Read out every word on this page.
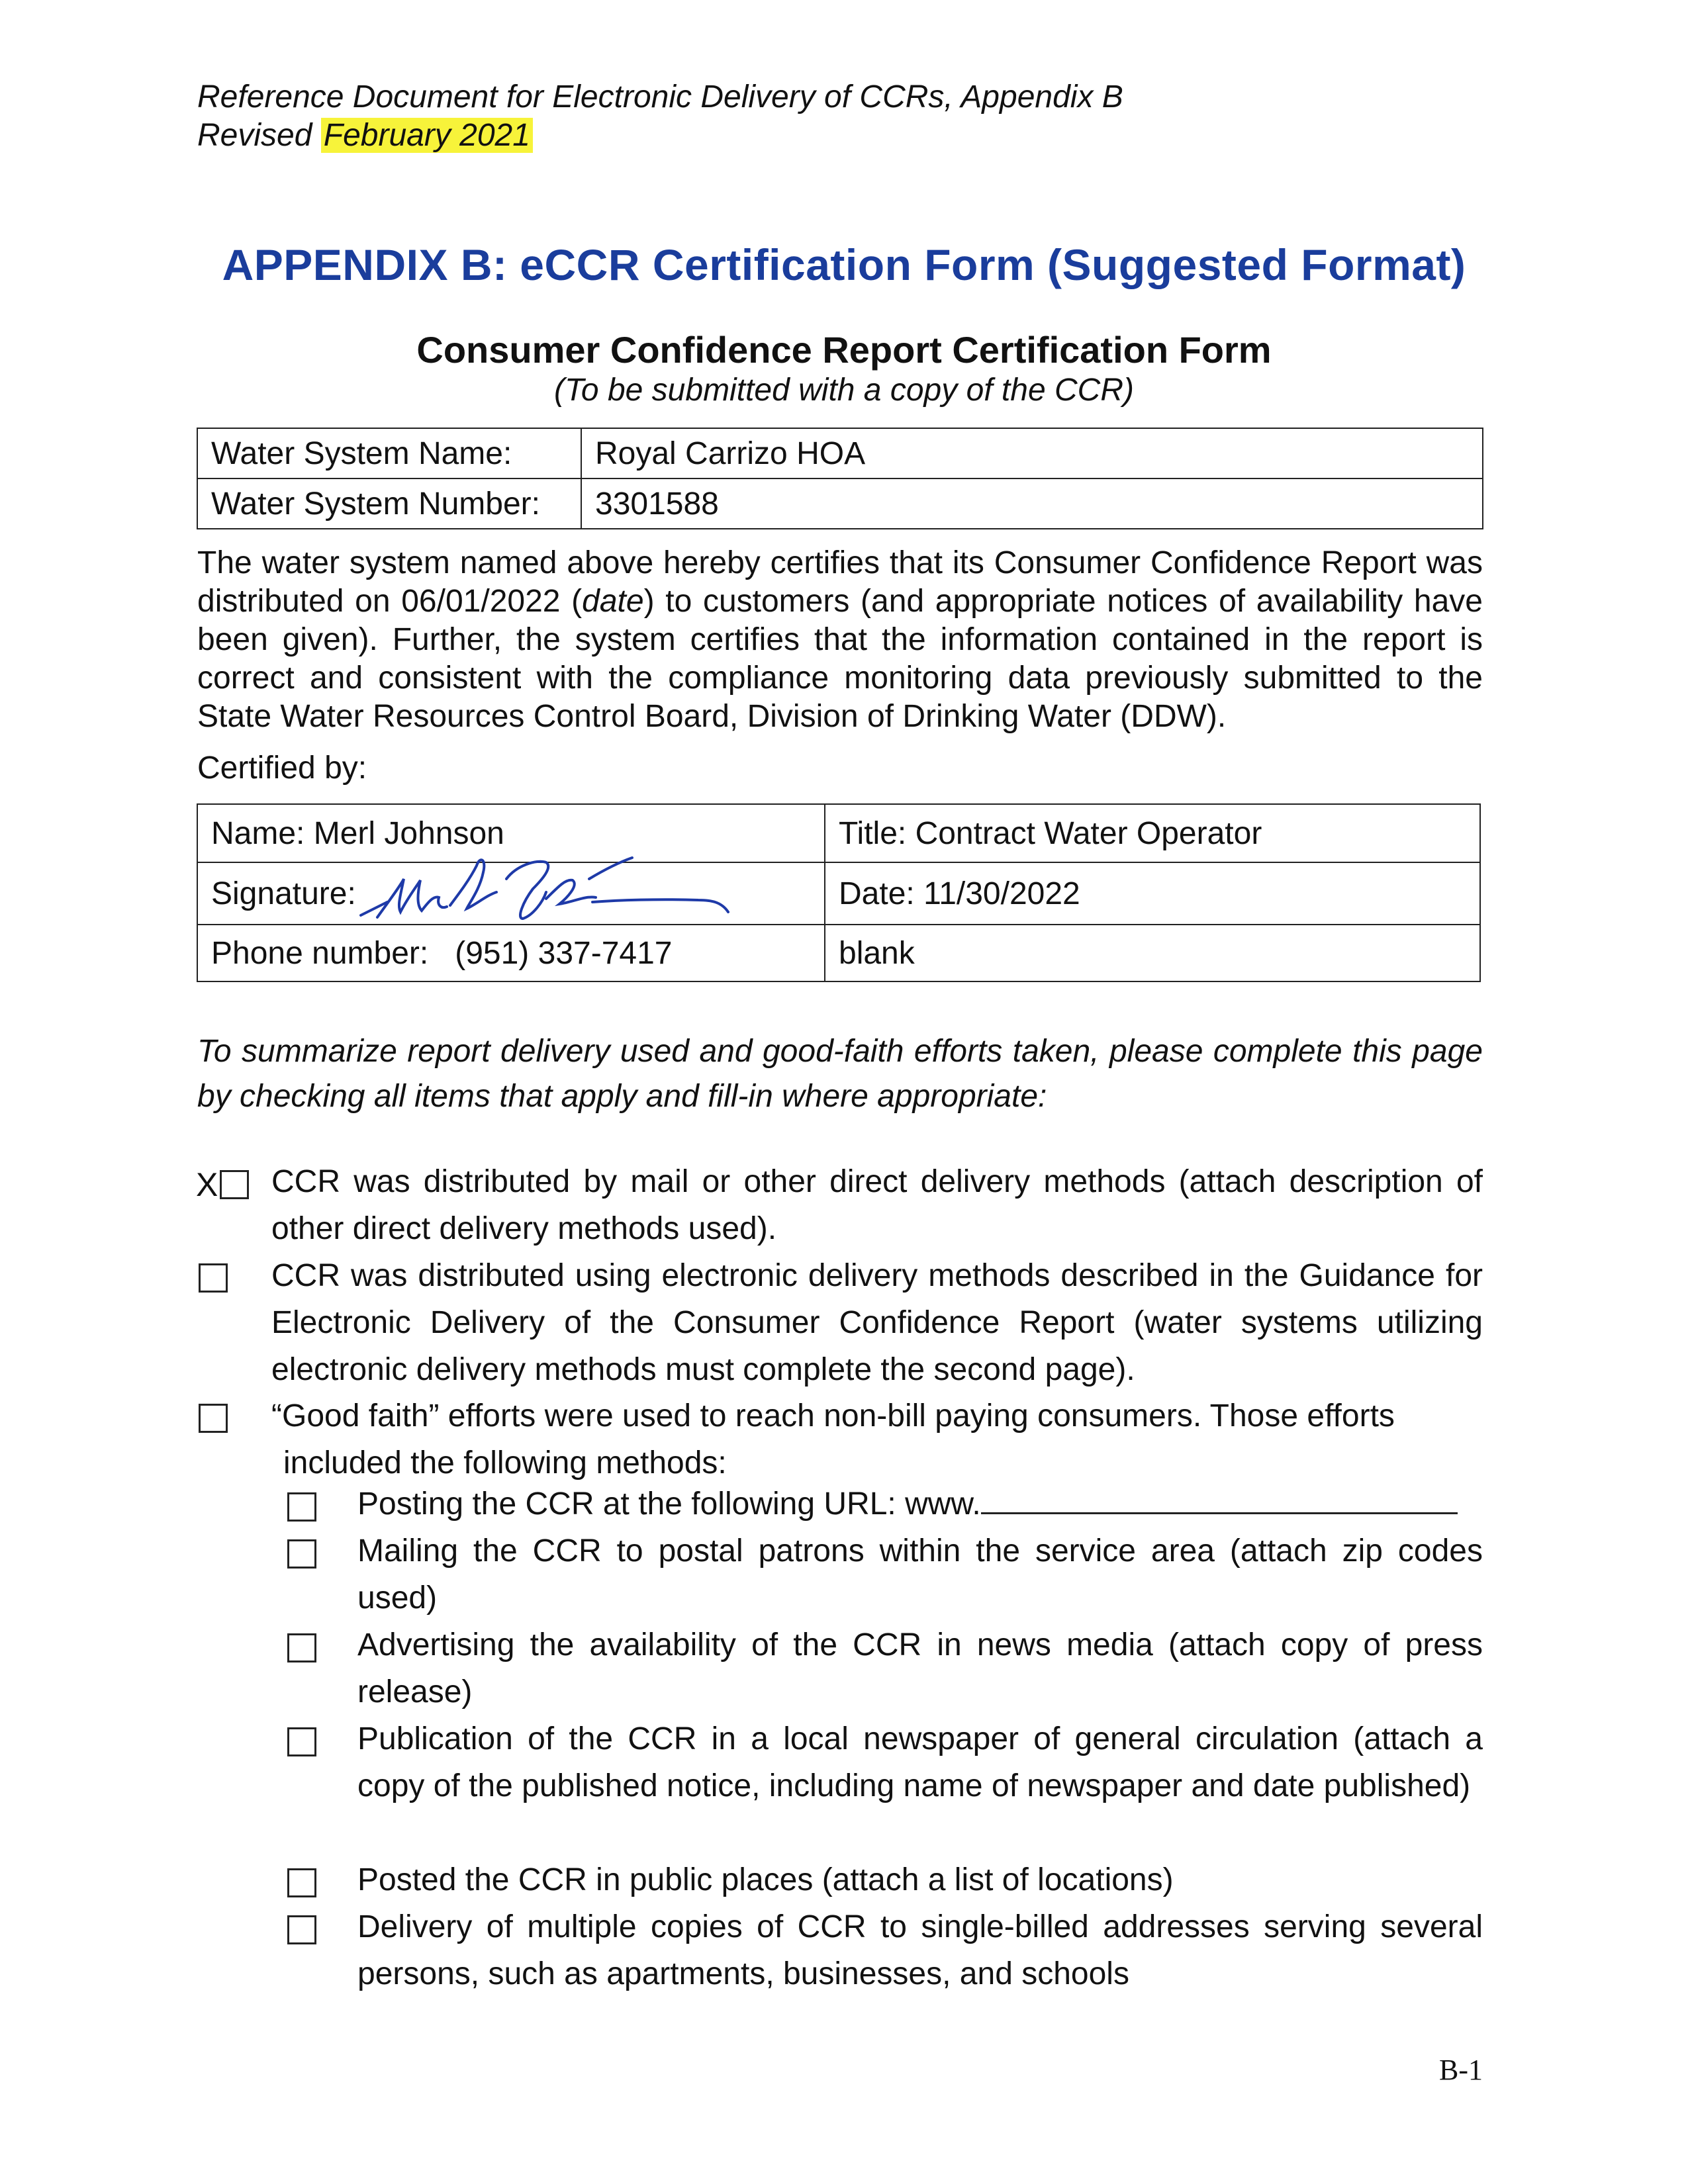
Reference Document for Electronic Delivery of CCRs, Appendix B
Revised February 2021
APPENDIX B: eCCR Certification Form (Suggested Format)
Consumer Confidence Report Certification Form
(To be submitted with a copy of the CCR)
Water System Name:	Royal Carrizo HOA
Water System Number:	3301588

The water system named above hereby certifies that its Consumer Confidence Report was distributed on 06/01/2022 (date) to customers (and appropriate notices of availability have been given). Further, the system certifies that the information contained in the report is correct and consistent with the compliance monitoring data previously submitted to the State Water Resources Control Board, Division of Drinking Water (DDW).

Certified by:
Name: Merl Johnson	Title: Contract Water Operator
Signature:	Date: 11/30/2022
Phone number: (951) 337-7417	blank
To summarize report delivery used and good-faith efforts taken, please complete this page by checking all items that apply and fill-in where appropriate:
X CCR was distributed by mail or other direct delivery methods (attach description of other direct delivery methods used).
CCR was distributed using electronic delivery methods described in the Guidance for Electronic Delivery of the Consumer Confidence Report (water systems utilizing electronic delivery methods must complete the second page).
“Good faith” efforts were used to reach non-bill paying consumers. Those efforts
included the following methods:
Posting the CCR at the following URL: www.
Mailing the CCR to postal patrons within the service area (attach zip codes used)
Advertising the availability of the CCR in news media (attach copy of press release)
Publication of the CCR in a local newspaper of general circulation (attach a copy of the published notice, including name of newspaper and date published)
Posted the CCR in public places (attach a list of locations)
Delivery of multiple copies of CCR to single-billed addresses serving several persons, such as apartments, businesses, and schools
B-1
